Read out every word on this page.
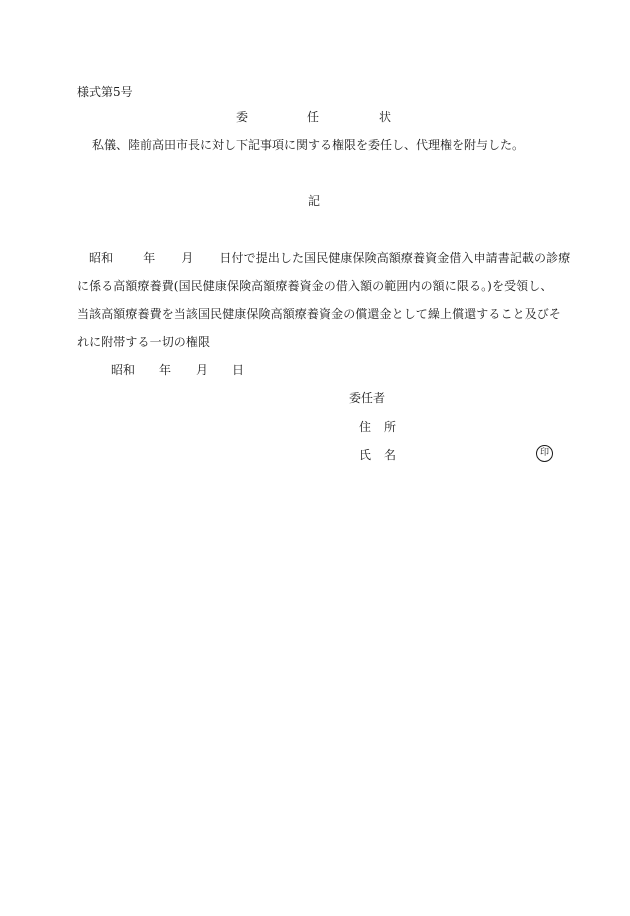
様式第5号
委	任	状
私儀、陸前高田市長に対し下記事項に関する権限を委任し、代理権を附与した。
記
昭和	年 月 日付で提出した国民健康保険高額療養資金借入申請書記載の診療
に係る高額療養費(国民健康保険高額療養資金の借入額の範囲内の額に限る。)を受領し、
当該高額療養費を当該国民健康保険高額療養資金の償還金として繰上償還すること及びそ
れに附帯する一切の権限
昭和 年 月 日
委任者
住 所
氏 名	印
